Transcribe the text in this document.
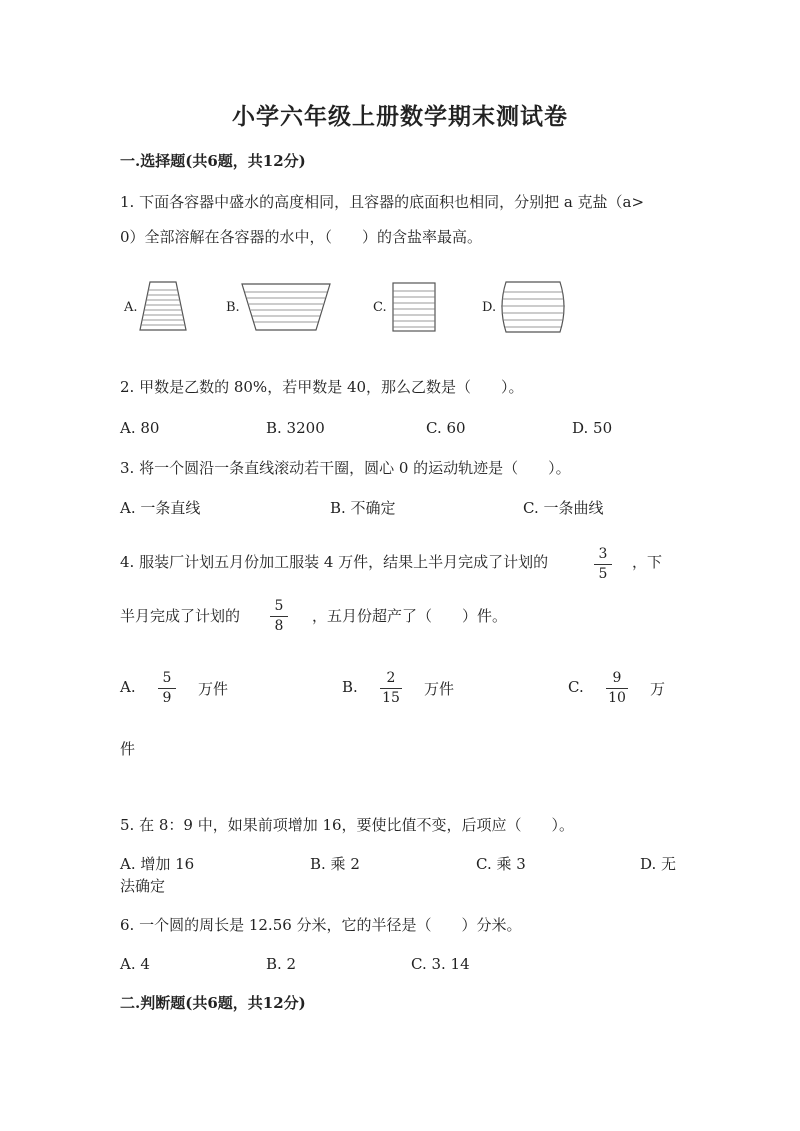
小学六年级上册数学期末测试卷
一.选择题(共6题，共12分)
1. 下面各容器中盛水的高度相同，且容器的底面积也相同，分别把 a 克盐（a>
0）全部溶解在各容器的水中，（　　）的含盐率最高。
A.	B.	C.	D.
2. 甲数是乙数的 80%，若甲数是 40，那么乙数是（　　）。
A. 80	B. 3200	C. 60	D. 50
3. 将一个圆沿一条直线滚动若干圈，圆心 0 的运动轨迹是（　　）。
A. 一条直线	B. 不确定	C. 一条曲线
4. 服装厂计划五月份加工服装 4 万件，结果上半月完成了计划的	3
5
，下
半月完成了计划的
5
8
，五月份超产了（　　）件。
A. 5
9 万件	B. 2
15 万件	C. 9
10 万
件
5. 在 8：9 中，如果前项增加 16，要使比值不变，后项应（　　）。
A. 增加 16	B. 乘 2	C. 乘 3	D. 无
法确定
6. 一个圆的周长是 12.56 分米，它的半径是（　　）分米。
A. 4	B. 2	C. 3. 14
二.判断题(共6题，共12分)
